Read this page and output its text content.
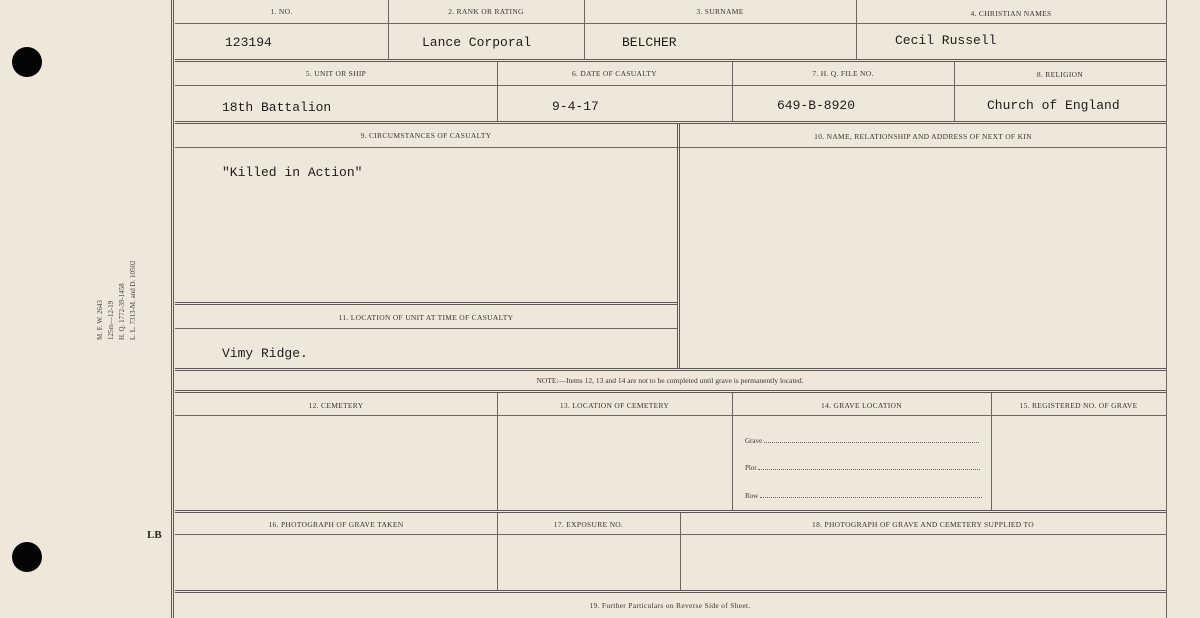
M. F. W. 2643 125m—12-19 H. Q. 1772-39-1458 L. L. 7313-M. and D. 10502
LB
1. NO.	2. RANK OR RATING	3. SURNAME	4. CHRISTIAN NAMES
123194	Lance Corporal	BELCHER	Cecil Russell
5. UNIT OR SHIP	6. DATE OF CASUALTY	7. H. Q. FILE NO.	8. RELIGION
18th Battalion	9-4-17	649-B-8920	Church of England
9. CIRCUMSTANCES OF CASUALTY	10. NAME, RELATIONSHIP AND ADDRESS OF NEXT OF KIN
"Killed in Action"
11. LOCATION OF UNIT AT TIME OF CASUALTY
Vimy Ridge.
NOTE:—Items 12, 13 and 14 are not to be completed until grave is permanently located.
12. CEMETERY	13. LOCATION OF CEMETERY	14. GRAVE LOCATION	15. REGISTERED NO. OF GRAVE
Grave
Plot
Row
16. PHOTOGRAPH OF GRAVE TAKEN	17. EXPOSURE NO.	18. PHOTOGRAPH OF GRAVE AND CEMETERY SUPPLIED TO
19. Further Particulars on Reverse Side of Sheet.
